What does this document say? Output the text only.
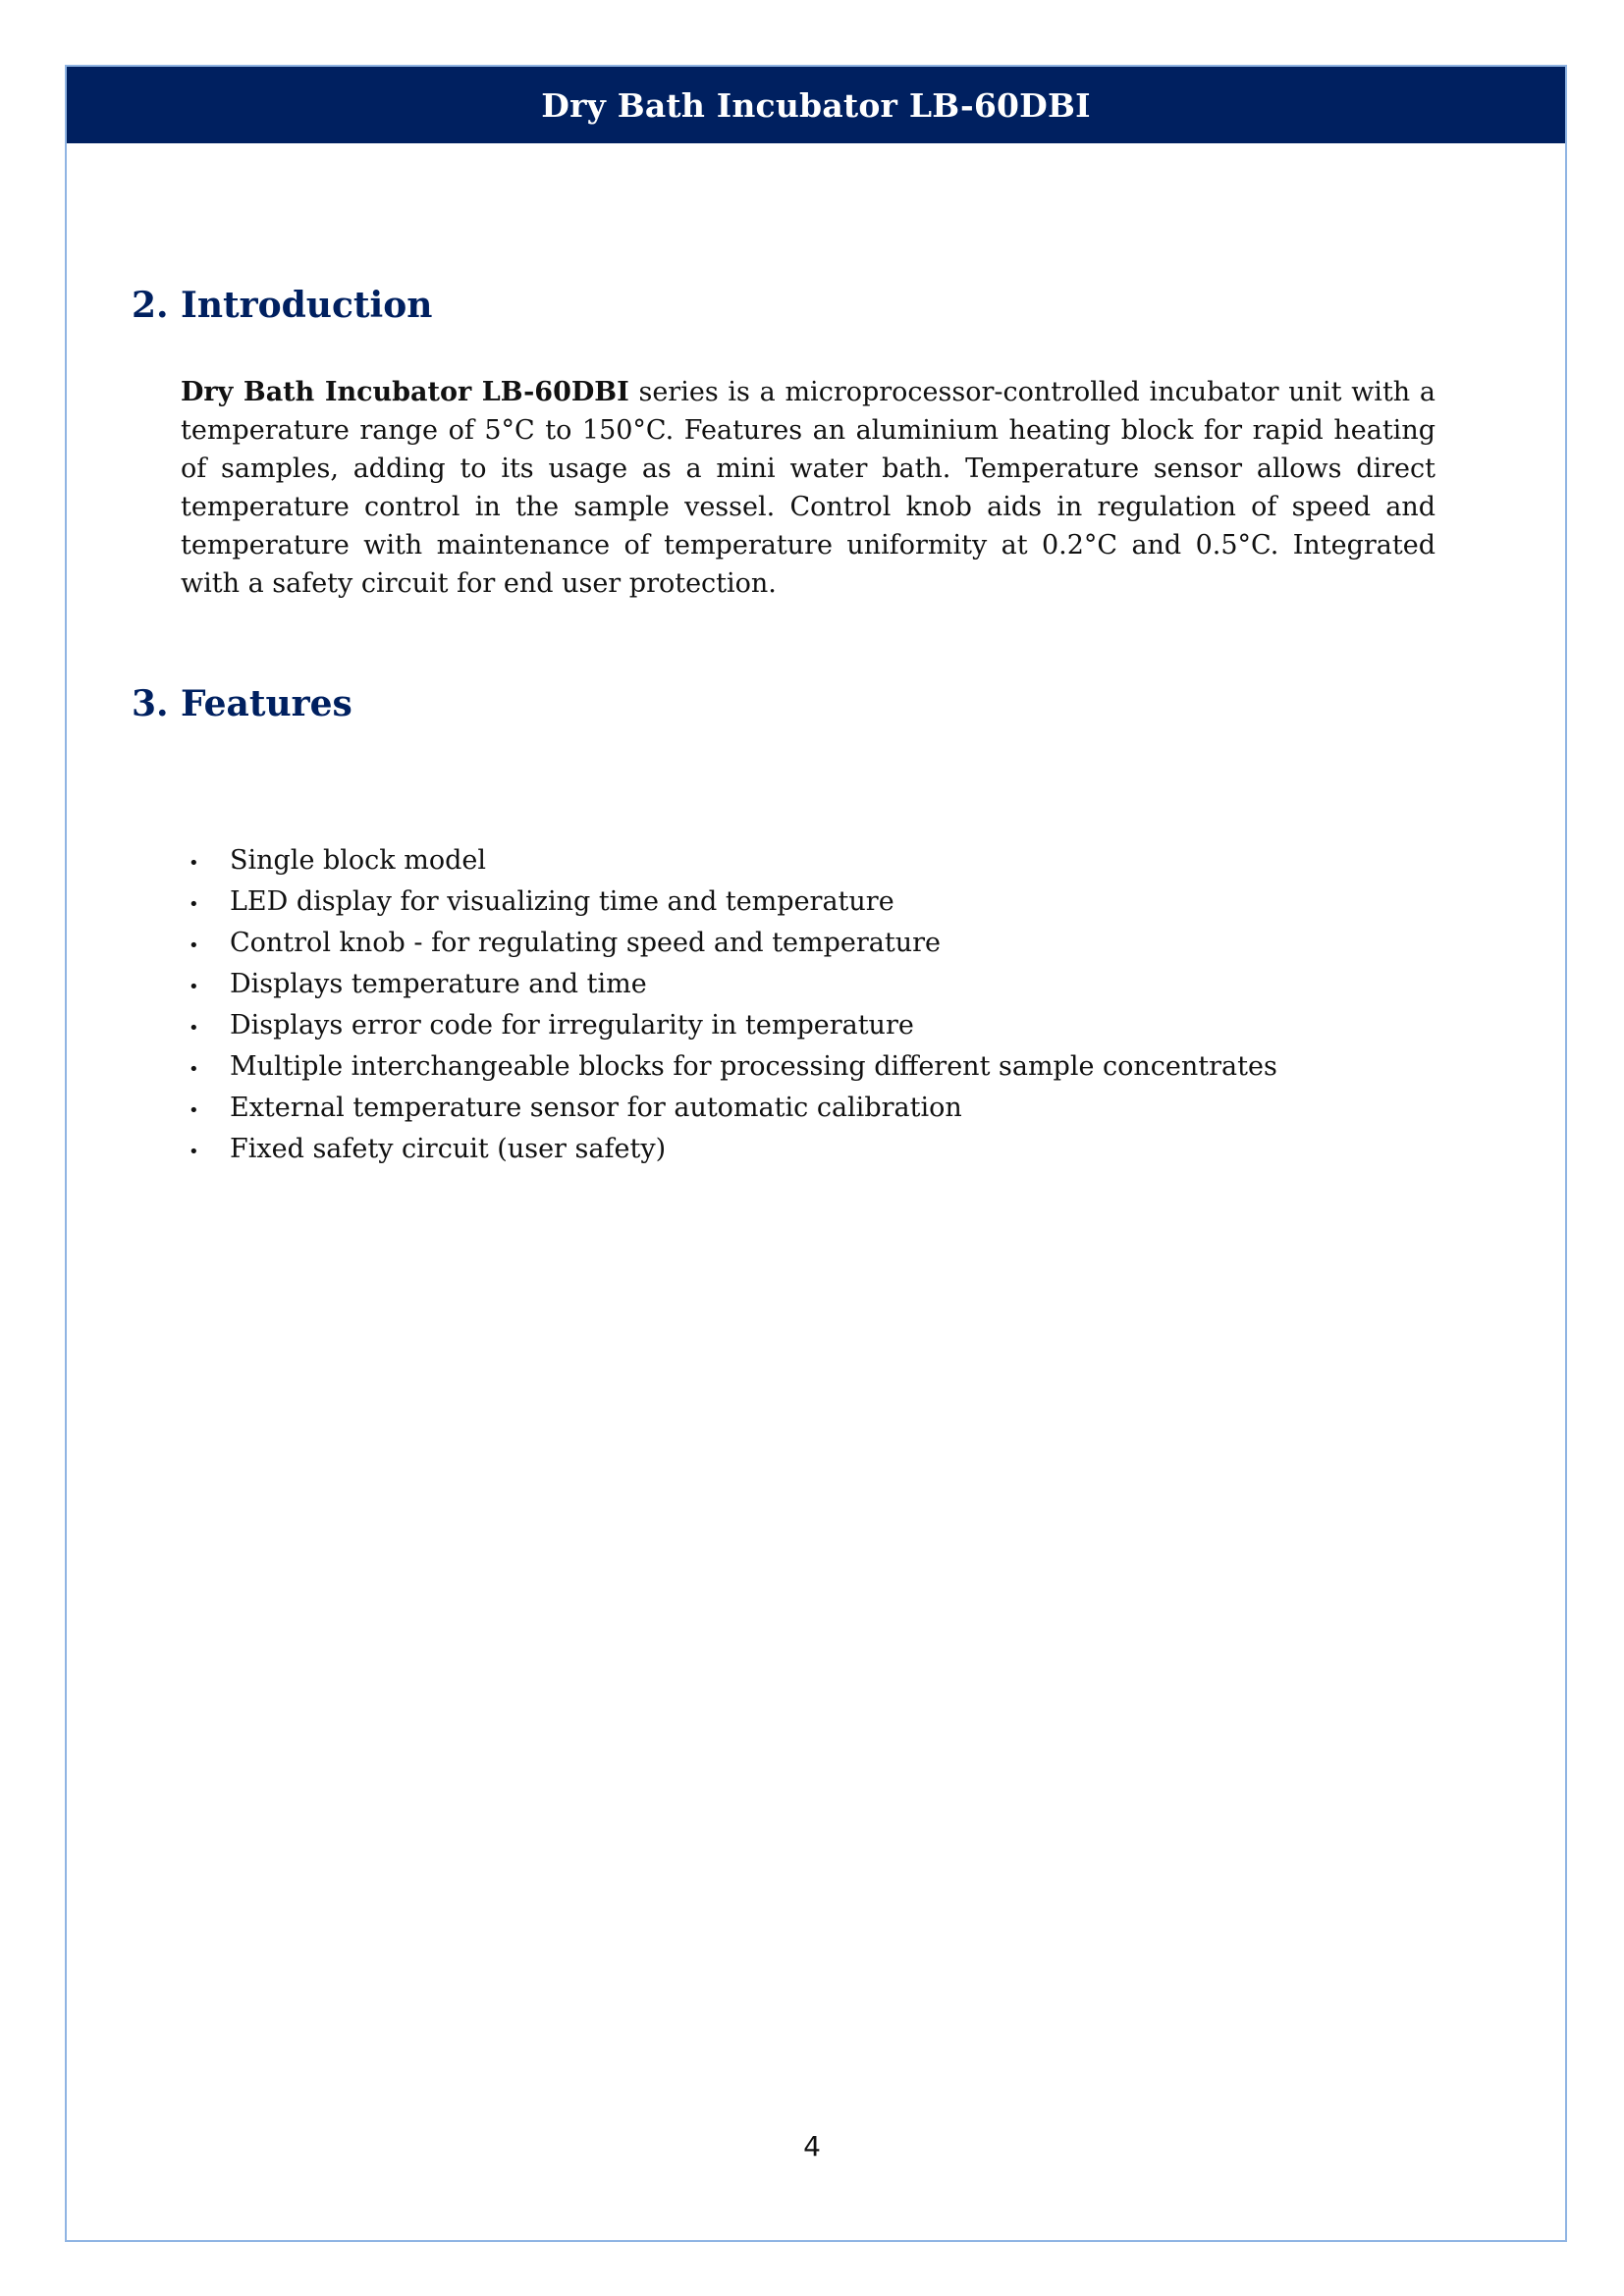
Dry Bath Incubator LB-60DBI
2. Introduction

Dry Bath Incubator LB-60DBI series is a microprocessor-controlled incubator unit with a temperature range of 5°C to 150°C. Features an aluminium heating block for rapid heating of samples, adding to its usage as a mini water bath. Temperature sensor allows direct temperature control in the sample vessel. Control knob aids in regulation of speed and temperature with maintenance of temperature uniformity at 0.2°C and 0.5°C. Integrated with a safety circuit for end user protection.

3. Features
•	Single block model
•	LED display for visualizing time and temperature
•	Control knob - for regulating speed and temperature
•	Displays temperature and time
•	Displays error code for irregularity in temperature
•	Multiple interchangeable blocks for processing different sample concentrates
•	External temperature sensor for automatic calibration
•	Fixed safety circuit (user safety)
4
